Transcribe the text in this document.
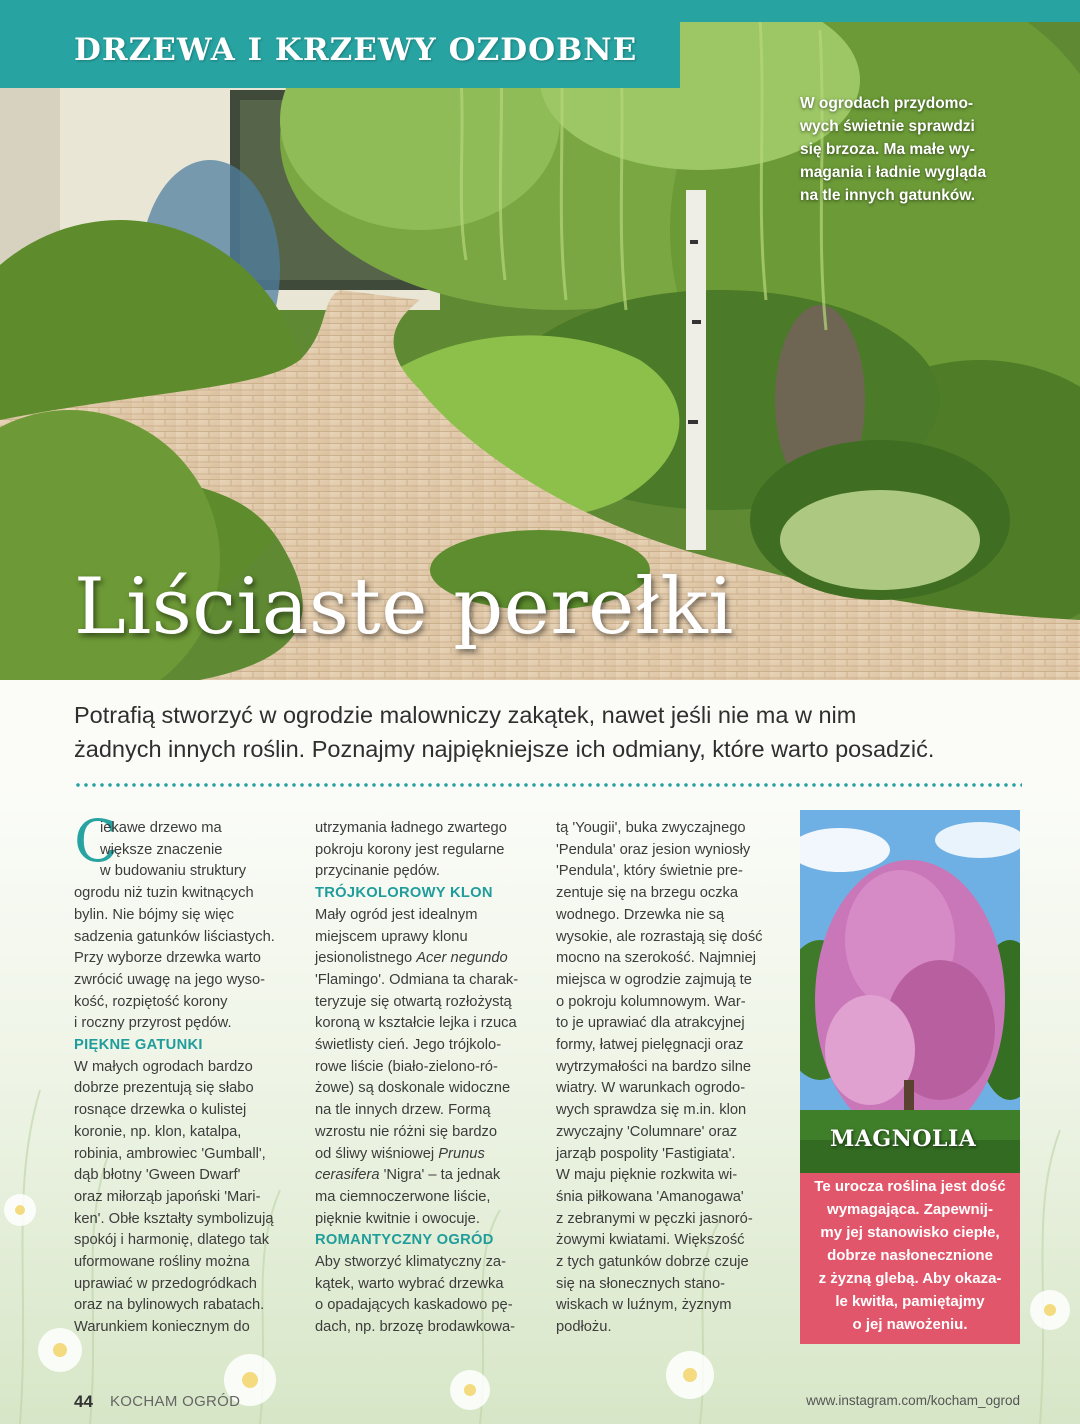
DRZEWA I KRZEWY OZDOBNE
W ogrodach przydomo-
wych świetnie sprawdzi
się brzoza. Ma małe wy-
magania i ładnie wygląda
na tle innych gatunków.
Liściaste perełki
Potrafią stworzyć w ogrodzie malowniczy zakątek, nawet jeśli nie ma w nim
żadnych innych roślin. Poznajmy najpiękniejsze ich odmiany, które warto posadzić.
C
iekawe drzewo ma
większe znaczenie
w budowaniu struktury
ogrodu niż tuzin kwitnących
bylin. Nie bójmy się więc
sadzenia gatunków liściastych.
Przy wyborze drzewka warto
zwrócić uwagę na jego wyso-
kość, rozpiętość korony
i roczny przyrost pędów.
PIĘKNE GATUNKI
W małych ogrodach bardzo
dobrze prezentują się słabo
rosnące drzewka o kulistej
koronie, np. klon, katalpa,
robinia, ambrowiec 'Gumball',
dąb błotny 'Gween Dwarf'
oraz miłorząb japoński 'Mari-
ken'. Obłe kształty symbolizują
spokój i harmonię, dlatego tak
uformowane rośliny można
uprawiać w przedogródkach
oraz na bylinowych rabatach.
Warunkiem koniecznym do
utrzymania ładnego zwartego
pokroju korony jest regularne
przycinanie pędów.
TRÓJKOLOROWY KLON
Mały ogród jest idealnym
miejscem uprawy klonu
jesionolistnego Acer negundo
'Flamingo'. Odmiana ta charak-
teryzuje się otwartą rozłożystą
koroną w kształcie lejka i rzuca
świetlisty cień. Jego trójkolo-
rowe liście (biało-zielono-ró-
żowe) są doskonale widoczne
na tle innych drzew. Formą
wzrostu nie różni się bardzo
od śliwy wiśniowej Prunus
cerasifera 'Nigra' – ta jednak
ma ciemnoczerwone liście,
pięknie kwitnie i owocuje.
ROMANTYCZNY OGRÓD
Aby stworzyć klimatyczny za-
kątek, warto wybrać drzewka
o opadających kaskadowo pę-
dach, np. brzozę brodawkowa-
tą 'Yougii', buka zwyczajnego
'Pendula' oraz jesion wyniosły
'Pendula', który świetnie pre-
zentuje się na brzegu oczka
wodnego. Drzewka nie są
wysokie, ale rozrastają się dość
mocno na szerokość. Najmniej
miejsca w ogrodzie zajmują te
o pokroju kolumnowym. War-
to je uprawiać dla atrakcyjnej
formy, łatwej pielęgnacji oraz
wytrzymałości na bardzo silne
wiatry. W warunkach ogrodo-
wych sprawdza się m.in. klon
zwyczajny 'Columnare' oraz
jarząb pospolity 'Fastigiata'.
W maju pięknie rozkwita wi-
śnia piłkowana 'Amanogawa'
z zebranymi w pęczki jasnoró-
żowymi kwiatami. Większość
z tych gatunków dobrze czuje
się na słonecznych stano-
wiskach w luźnym, żyznym
podłożu.
MAGNOLIA
Te urocza roślina jest dość
wymagająca. Zapewnij-
my jej stanowisko ciepłe,
dobrze nasłonecznione
z żyzną glebą. Aby okaza-
le kwitła, pamiętajmy
o jej nawożeniu.
44 KOCHAM OGRÓD	www.instagram.com/kocham_ogrod
